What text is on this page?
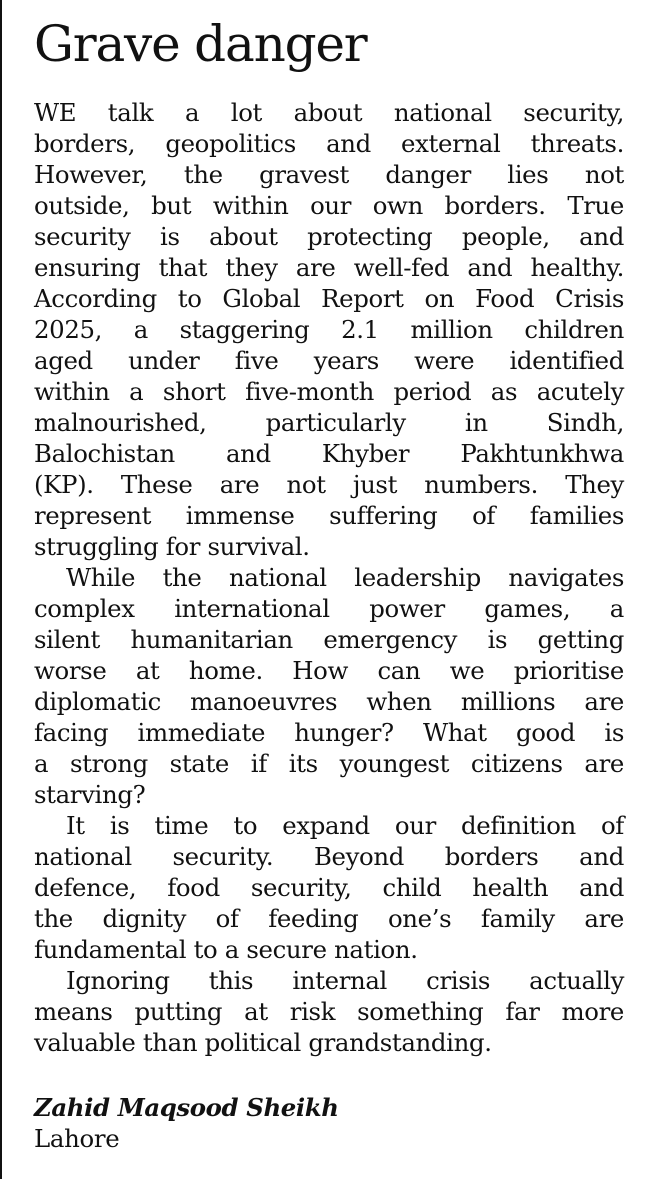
Grave danger
WE talk a lot about national security,
borders, geopolitics and external threats.
However, the gravest danger lies not
outside, but within our own borders. True
security is about protecting people, and
ensuring that they are well-fed and healthy.
According to Global Report on Food Crisis
2025, a staggering 2.1 million children
aged under five years were identified
within a short five-month period as acutely
malnourished, particularly in Sindh,
Balochistan and Khyber Pakhtunkhwa
(KP). These are not just numbers. They
represent immense suffering of families
struggling for survival.
While the national leadership navigates
complex international power games, a
silent humanitarian emergency is getting
worse at home. How can we prioritise
diplomatic manoeuvres when millions are
facing immediate hunger? What good is
a strong state if its youngest citizens are
starving?
It is time to expand our definition of
national security. Beyond borders and
defence, food security, child health and
the dignity of feeding one’s family are
fundamental to a secure nation.
Ignoring this internal crisis actually
means putting at risk something far more
valuable than political grandstanding.
Zahid Maqsood Sheikh
Lahore
